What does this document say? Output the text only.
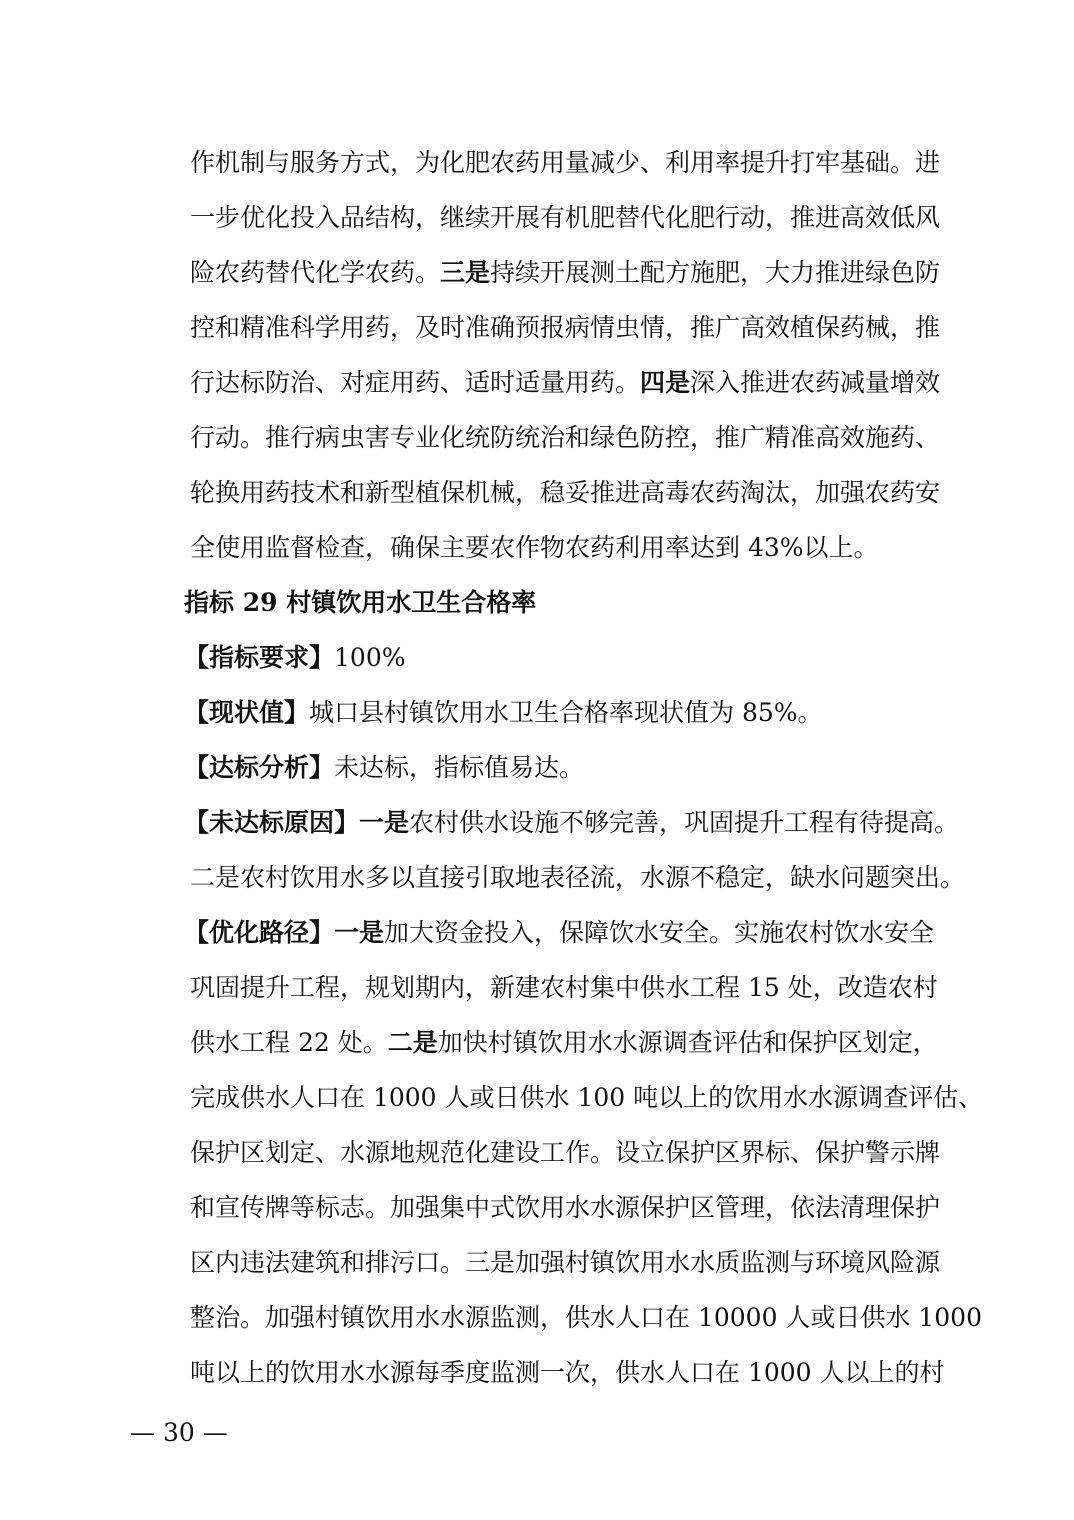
作机制与服务方式，为化肥农药用量减少、利用率提升打牢基础。进
一步优化投入品结构，继续开展有机肥替代化肥行动，推进高效低风
险农药替代化学农药。三是持续开展测土配方施肥，大力推进绿色防
控和精准科学用药，及时准确预报病情虫情，推广高效植保药械，推
行达标防治、对症用药、适时适量用药。四是深入推进农药减量增效
行动。推行病虫害专业化统防统治和绿色防控，推广精准高效施药、
轮换用药技术和新型植保机械，稳妥推进高毒农药淘汰，加强农药安
全使用监督检查，确保主要农作物农药利用率达到 43%以上。
指标 29 村镇饮用水卫生合格率
【指标要求】100%
【现状值】城口县村镇饮用水卫生合格率现状值为 85%。
【达标分析】未达标，指标值易达。
【未达标原因】一是农村供水设施不够完善，巩固提升工程有待提高。
二是农村饮用水多以直接引取地表径流，水源不稳定，缺水问题突出。
【优化路径】一是加大资金投入，保障饮水安全。实施农村饮水安全
巩固提升工程，规划期内，新建农村集中供水工程 15 处，改造农村
供水工程 22 处。二是加快村镇饮用水水源调查评估和保护区划定，
完成供水人口在 1000 人或日供水 100 吨以上的饮用水水源调查评估、
保护区划定、水源地规范化建设工作。设立保护区界标、保护警示牌
和宣传牌等标志。加强集中式饮用水水源保护区管理，依法清理保护
区内违法建筑和排污口。三是加强村镇饮用水水质监测与环境风险源
整治。加强村镇饮用水水源监测，供水人口在 10000 人或日供水 1000
吨以上的饮用水水源每季度监测一次，供水人口在 1000 人以上的村
— 30 —
